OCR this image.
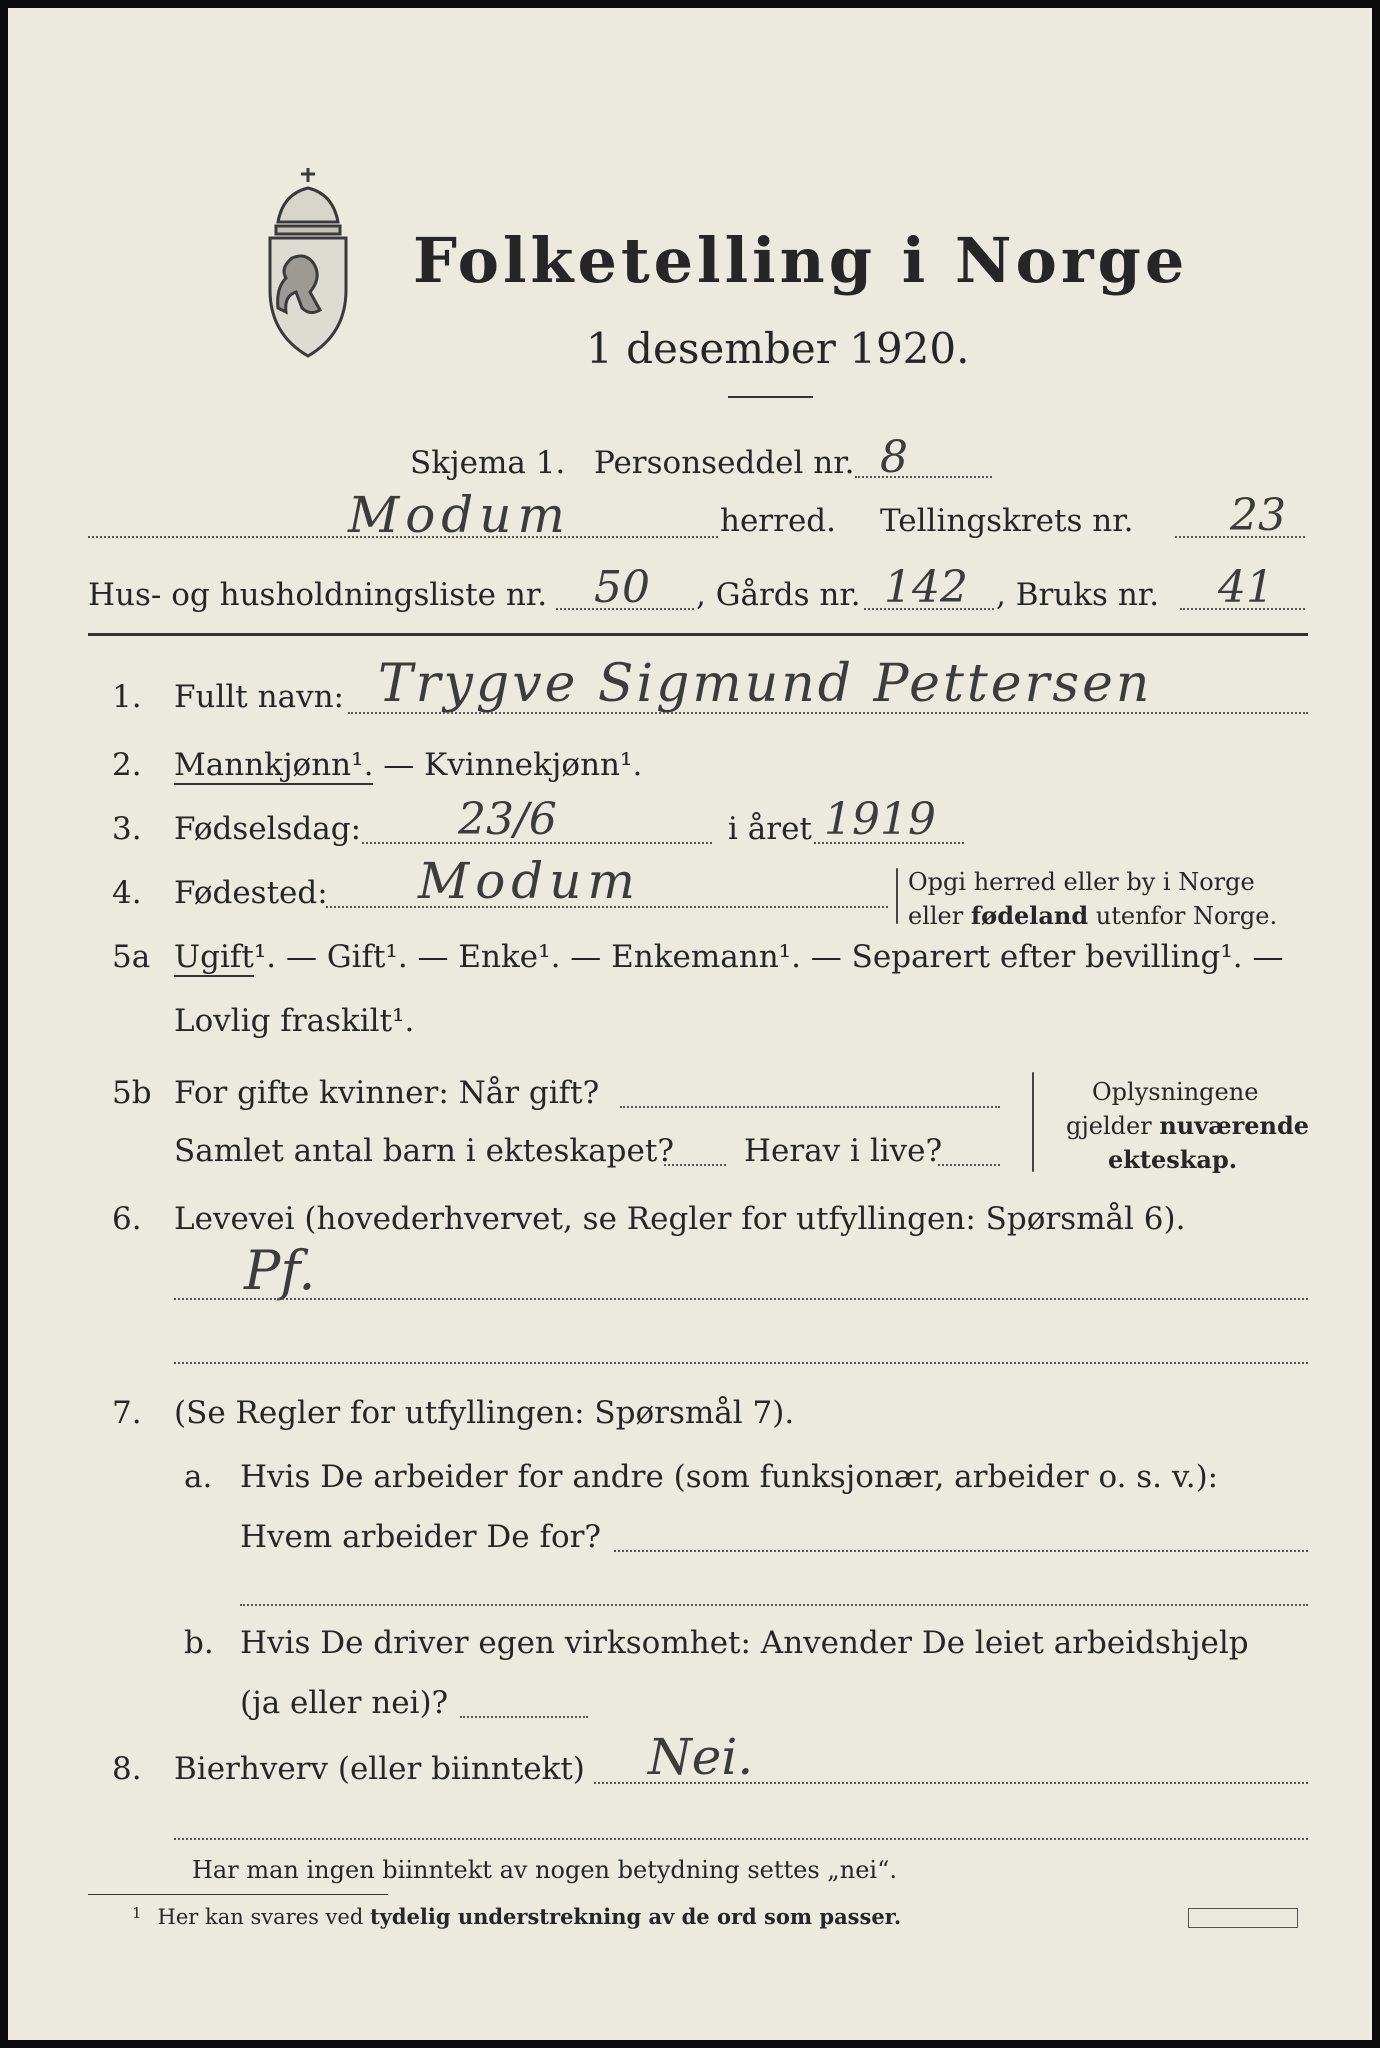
Folketelling i Norge
1 desember 1920.
Skjema 1. Personseddel nr. 8
Modum	herred. Tellingskrets nr. 23
Hus- og husholdningsliste nr. 50 , Gårds nr. 142 , Bruks nr. 41
1. Fullt navn: Trygve Sigmund Pettersen
2. Mannkjønn¹. — Kvinnekjønn¹.
3. Fødselsdag: 23/6	i året 1919
4. Fødested: Modum	Opgi herred eller by i Norge
eller fødeland utenfor Norge.
5a Ugift¹. — Gift¹. — Enke¹. — Enkemann¹. — Separert efter bevilling¹. —
Lovlig fraskilt¹.
5b For gifte kvinner: Når gift?
Samlet antal barn i ekteskapet? Herav i live?
Oplysningene
gjelder nuværende
ekteskap.
6. Levevei (hovederhvervet, se Regler for utfyllingen: Spørsmål 6).
Pf.
7. (Se Regler for utfyllingen: Spørsmål 7).
a. Hvis De arbeider for andre (som funksjonær, arbeider o. s. v.):
Hvem arbeider De for?
b. Hvis De driver egen virksomhet: Anvender De leiet arbeidshjelp
(ja eller nei)?
8. Bierhverv (eller biinntekt) Nei.
Har man ingen biinntekt av nogen betydning settes „nei“.
$^1$ Her kan svares ved tydelig understrekning av de ord som passer.
